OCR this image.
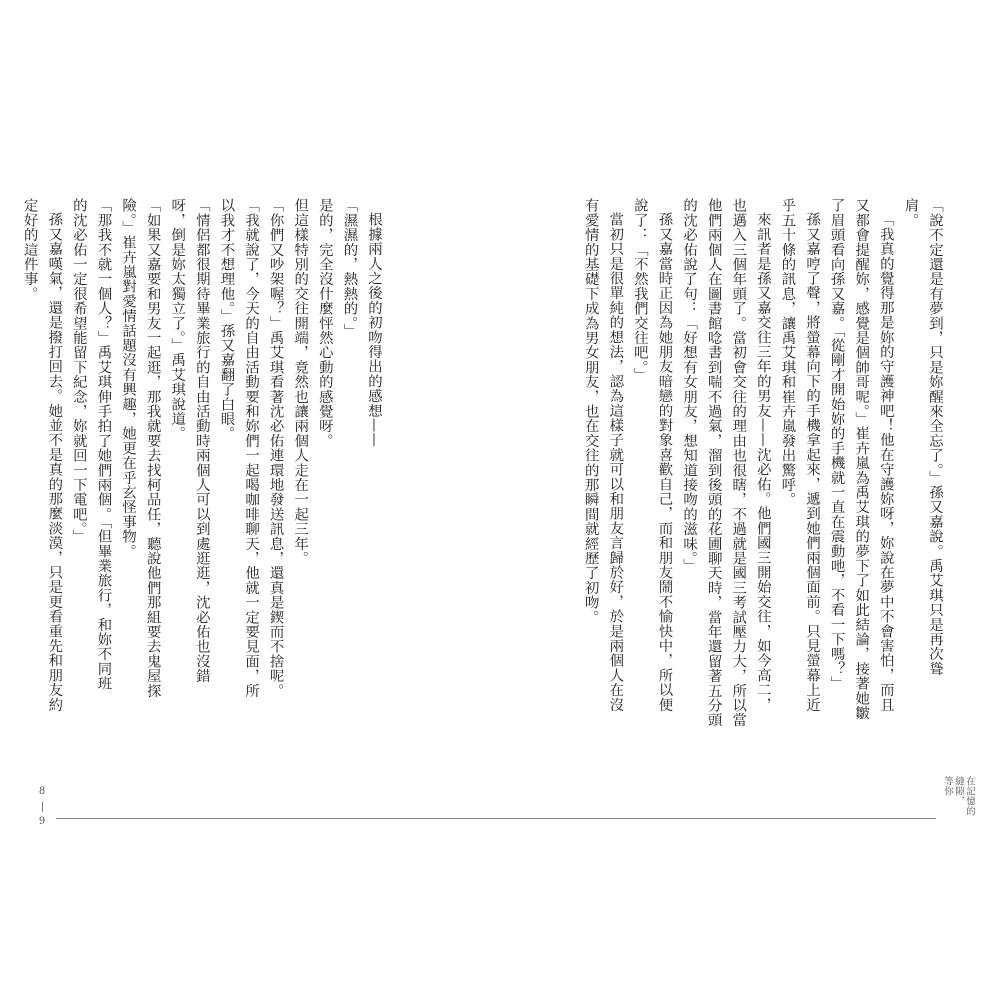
「說不定還是有夢到，只是妳醒來全忘了。」孫又嘉說。禹艾琪只是再次聳

肩。

「我真的覺得那是妳的守護神吧！他在守護妳呀，妳說在夢中不會害怕，而且

又都會提醒妳，感覺是個帥哥呢。」崔卉嵐為禹艾琪的夢下了如此結論，接著她皺

了眉頭看向孫又嘉。「從剛才開始妳的手機就一直在震動吔，不看一下嗎？」

孫又嘉哼了聲，將螢幕向下的手機拿起來，遞到她們兩個面前。只見螢幕上近

乎五十條的訊息，讓禹艾琪和崔卉嵐發出驚呼。

來訊者是孫又嘉交往三年的男友——沈必佑。他們國三開始交往，如今高二，

也邁入三個年頭了。當初會交往的理由也很瞎，不過就是國三考試壓力大，所以當

他們兩個人在圖書館唸書到喘不過氣，溜到後頭的花圃聊天時，當年還留著五分頭

的沈必佑說了句：「好想有女朋友，想知道接吻的滋味。」

孫又嘉當時正因為她朋友暗戀的對象喜歡自己，而和朋友鬧不愉快中，所以便

說了：「不然我們交往吧。」

當初只是很單純的想法，認為這樣子就可以和朋友言歸於好，於是兩個人在沒

有愛情的基礎下成為男女朋友，也在交往的那瞬間就經歷了初吻。

根據兩人之後的初吻得出的感想——

「濕濕的，熱熱的。」

是的，完全沒什麼怦然心動的感覺呀。

但這樣特別的交往開端，竟然也讓兩個人走在一起三年。

「你們又吵架喔？」禹艾琪看著沈必佑連環地發送訊息，還真是鍥而不捨呢。

「我就說了，今天的自由活動要和妳們一起喝咖啡聊天，他就一定要見面，所

以我才不想理他。」孫又嘉翻了白眼。

「情侶都很期待畢業旅行的自由活動時兩個人可以到處逛逛，沈必佑也沒錯

呀，倒是妳太獨立了。」禹艾琪說道。

「如果又嘉要和男友一起逛，那我就要去找柯品任，聽說他們那組要去鬼屋探

險。」崔卉嵐對愛情話題沒有興趣，她更在乎玄怪事物。

「那我不就一個人？」禹艾琪伸手拍了她們兩個。「但畢業旅行，和妳不同班

的沈必佑一定很希望能留下紀念，妳就回一下電吧。」

孫又嘉嘆氣，還是撥打回去。她並不是真的那麼淡漠，只是更看重先和朋友約

定好的這件事。

8
9
在記憶的
縫隙，
等你
